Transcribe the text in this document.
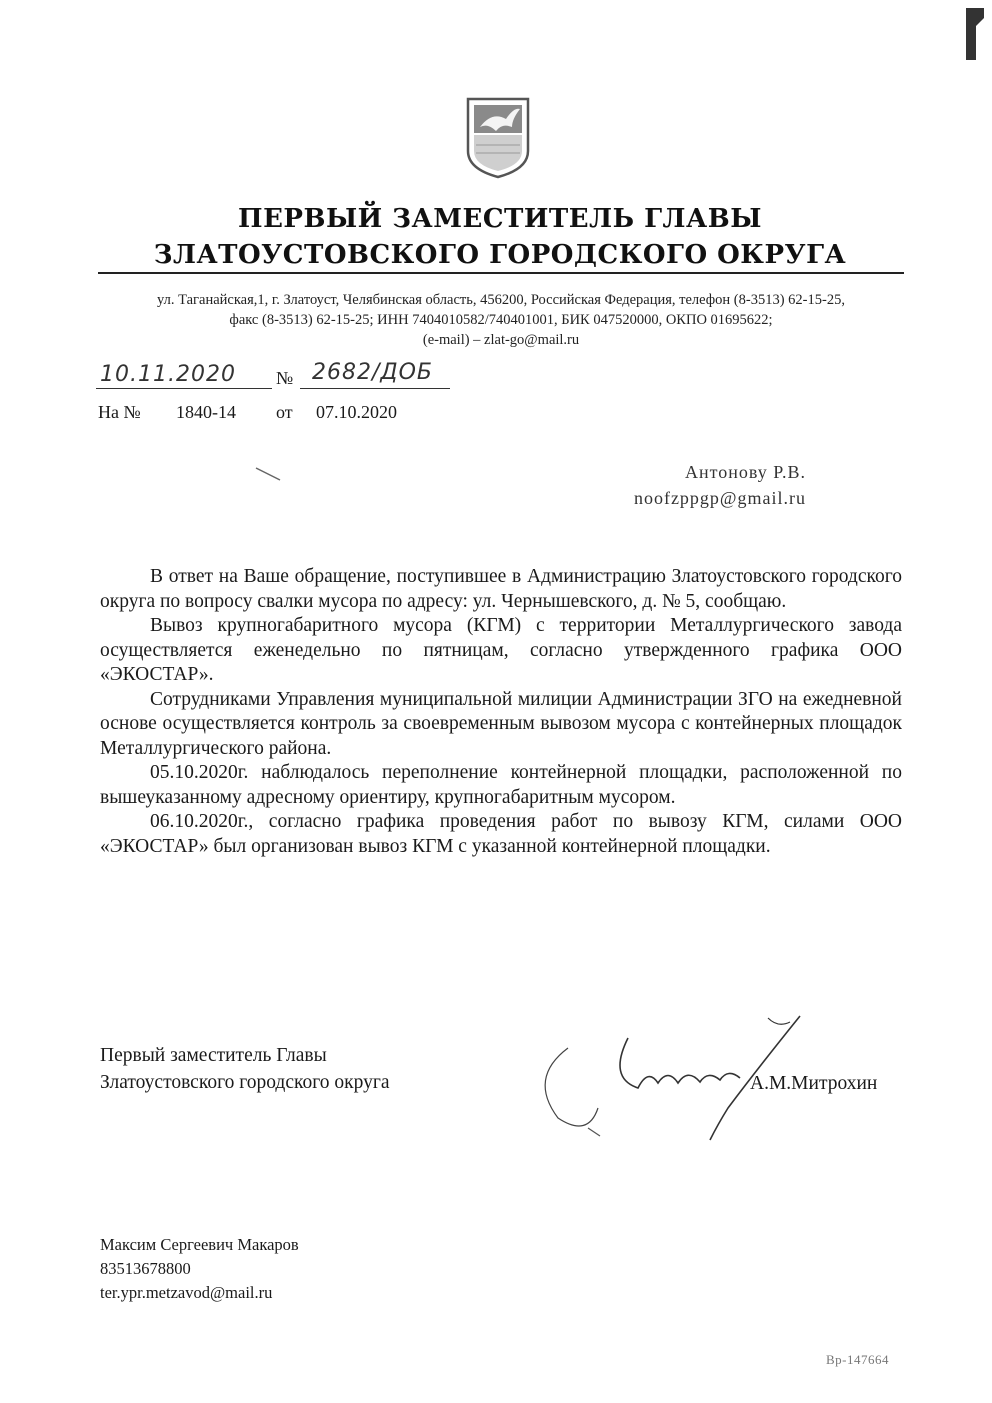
ПЕРВЫЙ ЗАМЕСТИТЕЛЬ ГЛАВЫ
ЗЛАТОУСТОВСКОГО ГОРОДСКОГО ОКРУГА
ул. Таганайская,1, г. Златоуст, Челябинская область, 456200, Российская Федерация, телефон (8-3513) 62-15-25,
факс (8-3513) 62-15-25; ИНН 7404010582/740401001, БИК 047520000, ОКПО 01695622;
(e-mail) – zlat-go@mail.ru
10.11.2020 № 2682/ДОБ
На № 1840-14 от 07.10.2020
Антонову Р.В.
noofzppgp@gmail.ru

В ответ на Ваше обращение, поступившее в Администрацию Златоустовского городского округа по вопросу свалки мусора по адресу: ул. Чернышевского, д. № 5, сообщаю.

Вывоз крупногабаритного мусора (КГМ) с территории Металлургического завода осуществляется еженедельно по пятницам, согласно утвержденного графика ООО «ЭКОСТАР».

Сотрудниками Управления муниципальной милиции Администрации ЗГО на ежедневной основе осуществляется контроль за своевременным вывозом мусора с контейнерных площадок Металлургического района.

05.10.2020г. наблюдалось переполнение контейнерной площадки, расположенной по вышеуказанному адресному ориентиру, крупногабаритным мусором.

06.10.2020г., согласно графика проведения работ по вывозу КГМ, силами ООО «ЭКОСТАР» был организован вывоз КГМ с указанной контейнерной площадки.

Первый заместитель Главы
Златоустовского городского округа	А.М.Митрохин
Максим Сергеевич Макаров
83513678800
ter.ypr.metzavod@mail.ru
Вр-147664
